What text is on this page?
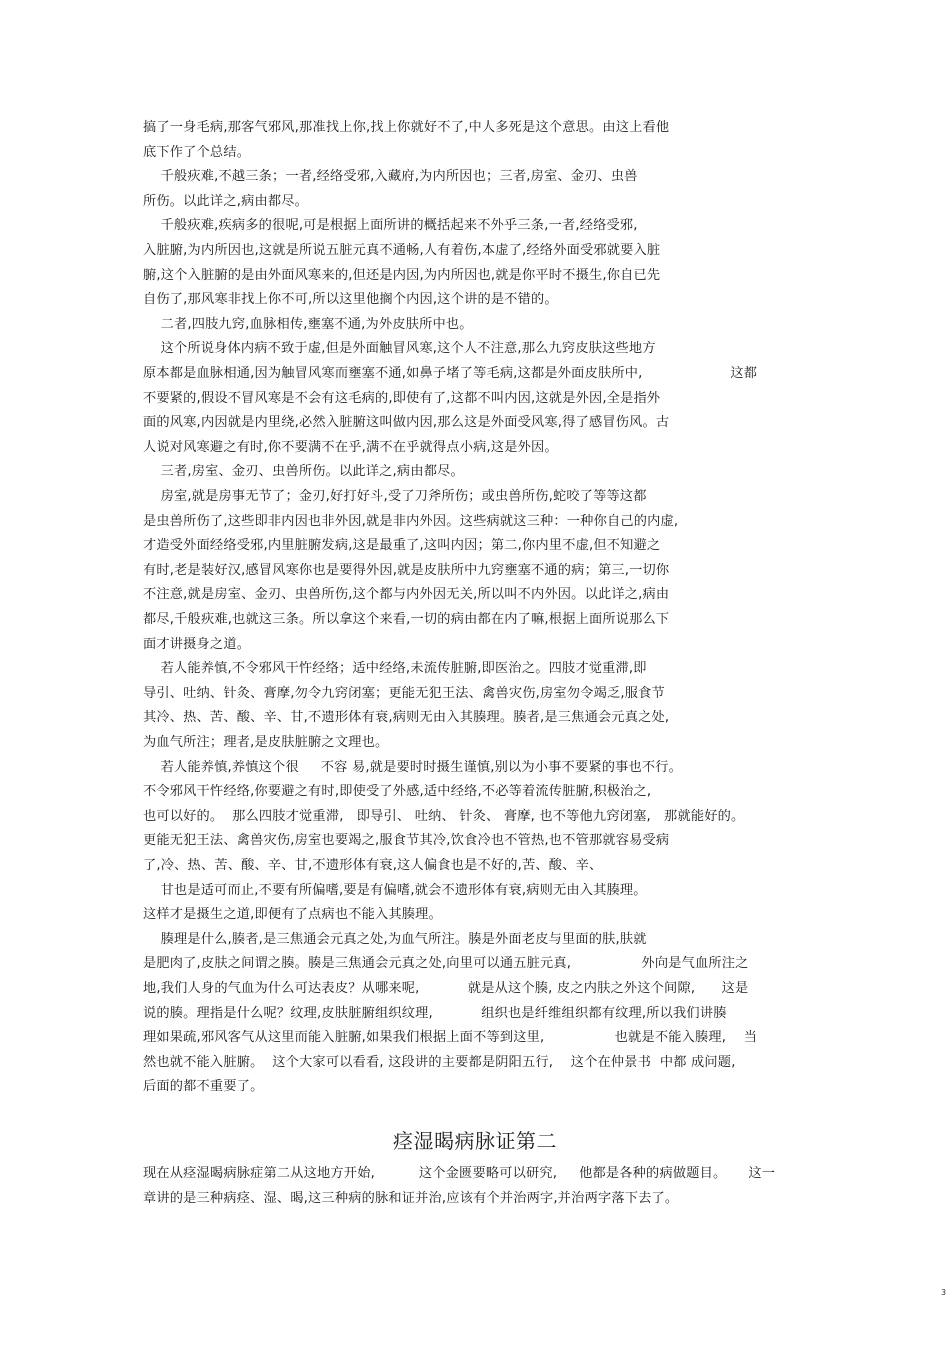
搞了一身毛病,那客气邪风,那准找上你,找上你就好不了,中人多死是这个意思。由这上看他
底下作了个总结。
千般疢难,不越三条；一者,经络受邪,入藏府,为内所因也；三者,房室、金刃、虫兽
所伤。以此详之,病由都尽。
千般疢难,疾病多的很呢,可是根据上面所讲的概括起来不外乎三条,一者,经络受邪,
入脏腑,为内所因也,这就是所说五脏元真不通畅,人有着伤,本虚了,经络外面受邪就要入脏
腑,这个入脏腑的是由外面风寒来的,但还是内因,为内所因也,就是你平时不摄生,你自已先
自伤了,那风寒非找上你不可,所以这里他搁个内因,这个讲的是不错的。
二者,四肢九窍,血脉相传,壅塞不通,为外皮肤所中也。
这个所说身体内病不致于虚,但是外面触冒风寒,这个人不注意,那么九窍皮肤这些地方
原本都是血脉相通,因为触冒风寒而壅塞不通,如鼻子堵了等毛病,这都是外面皮肤所中,                    这都
不要紧的,假设不冒风寒是不会有这毛病的,即使有了,这都不叫内因,这就是外因,全是指外
面的风寒,内因就是内里绕,必然入脏腑这叫做内因,那么这是外面受风寒,得了感冒伤风。古
人说对风寒避之有时,你不要满不在乎,满不在乎就得点小病,这是外因。
三者,房室、金刃、虫兽所伤。以此详之,病由都尽。
房室,就是房事无节了；金刃,好打好斗,受了刀斧所伤；或虫兽所伤,蛇咬了等等这都
是虫兽所伤了,这些即非内因也非外因,就是非内外因。这些病就这三种：一种你自己的内虚,
才造受外面经络受邪,内里脏腑发病,这是最重了,这叫内因；第二,你内里不虚,但不知避之
有时,老是装好汉,感冒风寒你也是要得外因,就是皮肤所中九窍壅塞不通的病；第三,一切你
不注意,就是房室、金刃、虫兽所伤,这个都与内外因无关,所以叫不内外因。以此详之,病由
都尽,千般疢难,也就这三条。所以拿这个来看,一切的病由都在内了嘛,根据上面所说那么下
面才讲摄身之道。
若人能养慎,不令邪风干忤经络；适中经络,未流传脏腑,即医治之。四肢才觉重滞,即
导引、吐纳、针灸、膏摩,勿令九窍闭塞；更能无犯王法、禽兽灾伤,房室勿令竭乏,服食节
其冷、热、苦、酸、辛、甘,不遗形体有衰,病则无由入其腠理。腠者,是三焦通会元真之处,
为血气所注；理者,是皮肤脏腑之文理也。
若人能养慎,养慎这个很     不容 易,就是要时时摄生谨慎,别以为小事不要紧的事也不行。
不令邪风干忤经络,你要避之有时,即使受了外感,适中经络,不必等着流传脏腑,积极治之,
也可以好的。  那么四肢才觉重滞,   即导引、 吐纳、 针灸、 膏摩, 也不等他九窍闭塞,   那就能好的。
更能无犯王法、禽兽灾伤,房室也要竭之,服食节其冷,饮食冷也不管热,也不管那就容易受病
了,冷、热、苦、酸、辛、甘,不遗形体有衰,这人偏食也是不好的,苦、酸、辛、
甘也是适可而止,不要有所偏嗜,要是有偏嗜,就会不遗形体有衰,病则无由入其腠理。
这样才是摄生之道,即便有了点病也不能入其腠理。
腠理是什么,腠者,是三焦通会元真之处,为血气所注。腠是外面老皮与里面的肤,肤就
是肥肉了,皮肤之间谓之腠。腠是三焦通会元真之处,向里可以通五脏元真,                外向是气血所注之
地,我们人身的气血为什么可达表皮？从哪来呢,           就是从这个腠, 皮之内肤之外这个间隙,      这是
说的腠。理指是什么呢？纹理,皮肤脏腑组织纹理,           组织也是纤维组织都有纹理,所以我们讲腠
理如果疏,邪风客气从这里而能入脏腑,如果我们根据上面不等到这里,                也就是不能入腠理,    当
然也就不能入脏腑。  这个大家可以看看, 这段讲的主要都是阴阳五行,    这个在仲景书  中都 成问题,
后面的都不重要了。
痉湿暍病脉证第二
现在从痉湿暍病脉症第二从这地方开始,          这个金匮要略可以研究,     他都是各种的病做题目。     这一
章讲的是三种病痉、湿、暍,这三种病的脉和证并治,应该有个并治两字,并治两字落下去了。
3
